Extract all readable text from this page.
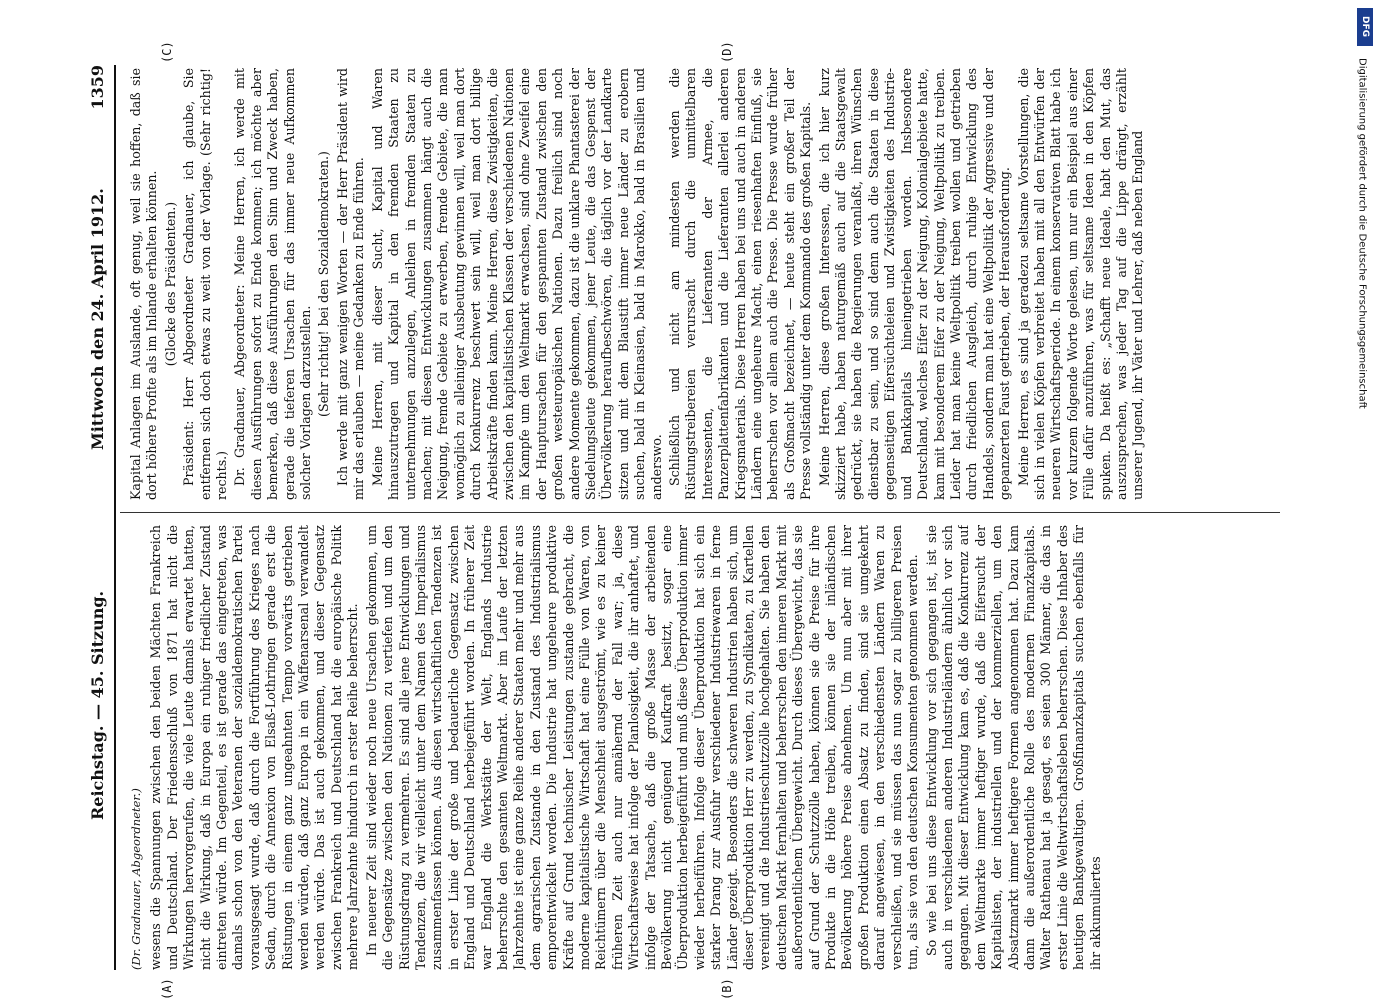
Reichstag. — 45. Sitzung.
Mittwoch den 24. April 1912.
1359
(Dr. Gradnauer, Abgeordneter.) wesens die Spannungen zwischen den beiden Mächten Frankreich und Deutschland. Der Friedensschluß von 1871 hat nicht die Wirkungen hervorgerufen, die viele Leute damals erwartet hatten, nicht die Wirkung, daß in Europa ein ruhiger friedlicher Zustand eintreten würde. Im Gegenteil, es ist gerade das eingetreten, was damals schon von den Veteranen der sozialdemokratischen Partei vorausgesagt wurde, daß durch die Fortführung des Krieges nach Sedan, durch die Annexion von Elsaß-Lothringen gerade erst die Rüstungen in einem ganz ungeahnten Tempo vorwärts getrieben werden würden, daß ganz Europa in ein Waffenarsenal verwandelt werden würde. Das ist auch gekommen, und dieser Gegensatz zwischen Frankreich und Deutschland hat die europäische Politik mehrere Jahrzehnte hindurch in erster Reihe beherrscht. In neuerer Zeit sind wieder noch neue Ursachen gekommen, um die Gegensätze zwischen den Nationen zu vertiefen und um den Rüstungsdrang zu vermehren. Es sind alle jene Entwicklungen und Tendenzen, die wir vielleicht unter dem Namen des Imperialismus zusammenfassen können. Aus diesen wirtschaftlichen Tendenzen ist in erster Linie der große und bedauerliche Gegensatz zwischen England und Deutschland herbeigeführt worden. In früherer Zeit war England die Werkstätte der Welt, Englands Industrie beherrschte den gesamten Weltmarkt. Aber im Laufe der letzten Jahrzehnte ist eine ganze Reihe anderer Staaten mehr und mehr aus dem agrarischen Zustande in den Zustand des Industrialismus emporentwickelt worden. Die Industrie hat ungeheure produktive Kräfte auf Grund technischer Leistungen zustande gebracht, die moderne kapitalistische Wirtschaft hat eine Fülle von Waren, von Reichtümern über die Menschheit ausgeströmt, wie es zu keiner früheren Zeit auch nur annähernd der Fall war; ja, diese Wirtschaftsweise hat infolge der Planlosigkeit, die ihr anhaftet, und infolge der Tatsache, daß die große Masse der arbeitenden Bevölkerung nicht genügend Kaufkraft besitzt, sogar eine Überproduktion herbeigeführt und muß diese Überproduktion immer wieder herbeiführen. Infolge dieser Überproduktion hat sich ein starker Drang zur Ausfuhr verschiedener Industriewaren in ferne Länder gezeigt. Besonders die schweren Industrien haben sich, um dieser Überproduktion Herr zu werden, zu Syndikaten, zu Kartellen vereinigt und die Industrieschutzzölle hochgehalten. Sie haben den deutschen Markt fernhalten und beherrschen den inneren Markt mit außerordentlichem Übergewicht. Durch dieses Übergewicht, das sie auf Grund der Schutzzölle haben, können sie die Preise für ihre Produkte in die Höhe treiben, können sie der inländischen Bevölkerung höhere Preise abnehmen. Um nun aber mit ihrer großen Produktion einen Absatz zu finden, sind sie umgekehrt darauf angewiesen, in den verschiedensten Ländern Waren zu verschleißen, und sie müssen das nun sogar zu billigeren Preisen tun, als sie von den deutschen Konsumenten genommen werden. So wie bei uns diese Entwicklung vor sich gegangen ist, ist sie auch in verschiedenen anderen Industrieländern ähnlich vor sich gegangen. Mit dieser Entwicklung kam es, daß die Konkurrenz auf dem Weltmarkte immer heftiger wurde, daß die Eifersucht der Kapitalisten, der industriellen und der kommerziellen, um den Absatzmarkt immer heftigere Formen angenommen hat. Dazu kam dann die außerordentliche Rolle des modernen Finanzkapitals. Walter Rathenau hat ja gesagt, es seien 300 Männer, die das in erster Linie die Weltwirtschaftsleben beherrschen. Diese Inhaber des heutigen Bankgewaltigen. Großfinanzkapitals suchen ebenfalls für ihr akkumuliertes

Kapital Anlagen im Auslande, oft genug, weil sie hoffen, daß sie dort höhere Profite als im Inlande erhalten können. (Glocke des Präsidenten.) Präsident: Herr Abgeordneter Gradnauer, ich glaube, Sie entfernen sich doch etwas zu weit von der Vorlage. (Sehr richtig! rechts.) Dr. Gradnauer, Abgeordneter: Meine Herren, ich werde mit diesen Ausführungen sofort zu Ende kommen; ich möchte aber bemerken, daß diese Ausführungen den Sinn und Zweck haben, gerade die tieferen Ursachen für das immer neue Aufkommen solcher Vorlagen darzustellen. (Sehr richtig! bei den Sozialdemokraten.) Ich werde mit ganz wenigen Worten — der Herr Präsident wird mir das erlauben — meine Gedanken zu Ende führen. Meine Herren, mit dieser Sucht, Kapital und Waren hinauszutragen und Kapital in den fremden Staaten zu unternehmungen anzulegen, Anleihen in fremden Staaten zu machen; mit diesen Entwicklungen zusammen hängt auch die Neigung, fremde Gebiete zu erwerben, fremde Gebiete, die man womöglich zu alleiniger Ausbeutung gewinnen will, weil man dort durch Konkurrenz beschwert sein will, weil man dort billige Arbeitskräfte finden kann. Meine Herren, diese Zwistigkeiten, die zwischen den kapitalistischen Klassen der verschiedenen Nationen im Kampfe um den Weltmarkt erwachsen, sind ohne Zweifel eine der Hauptursachen für den gespannten Zustand zwischen den großen westeuropäischen Nationen. Dazu freilich sind noch andere Momente gekommen, dazu ist die unklare Phantasterei der Siedelungsleute gekommen, jener Leute, die das Gespenst der Übervölkerung heraufbeschwören, die täglich vor der Landkarte sitzen und mit dem Blaustift immer neue Länder zu erobern suchen, bald in Kleinasien, bald in Marokko, bald in Brasilien und anderswo. Schließlich und nicht am mindesten werden die Rüstungstreibereien verursacht durch die unmittelbaren Interessenten, die Lieferanten der Armee, die Panzerplattenfabrikanten und die Lieferanten allerlei anderen Kriegsmaterials. Diese Herren haben bei uns und auch in anderen Ländern eine ungeheure Macht, einen riesenhaften Einfluß, sie beherrschen vor allem auch die Presse. Die Presse wurde früher als Großmacht bezeichnet, — heute steht ein großer Teil der Presse vollständig unter dem Kommando des großen Kapitals. Meine Herren, diese großen Interessen, die ich hier kurz skizziert habe, haben naturgemäß auch auf die Staatsgewalt gedrückt, sie haben die Regierungen veranlaßt, ihren Wünschen dienstbar zu sein, und so sind denn auch die Staaten in diese gegenseitigen Eifersüchteleien und Zwistigkeiten des Industrie- und Bankkapitals hineingetrieben worden. Insbesondere Deutschland, welches Eifer zu der Neigung, Kolonialgebiete hatte, kam mit besonderem Eifer zu der Neigung, Weltpolitik zu treiben. Leider hat man keine Weltpolitik treiben wollen und getrieben durch friedlichen Ausgleich, durch ruhige Entwicklung des Handels, sondern man hat eine Weltpolitik der Aggressive und der gepanzerten Faust getrieben, der Herausforderung. Meine Herren, es sind ja geradezu seltsame Vorstellungen, die sich in vielen Köpfen verbreitet haben mit all den Entwürfen der neueren Wirtschaftsperiode. In einem konservativen Blatt habe ich vor kurzem folgende Worte gelesen, um nur ein Beispiel aus einer Fülle dafür anzuführen, was für seltsame Ideen in den Köpfen spuken. Da heißt es: „Schafft neue Ideale, habt den Mut, das auszusprechen, was jeder Tag auf die Lippe drängt, erzählt unserer Jugend, ihr Väter und Lehrer, daß neben England

(A)	(B)
(C)	(D)
DFG
Digitalisierung gefördert durch die Deutsche Forschungsgemeinschaft
